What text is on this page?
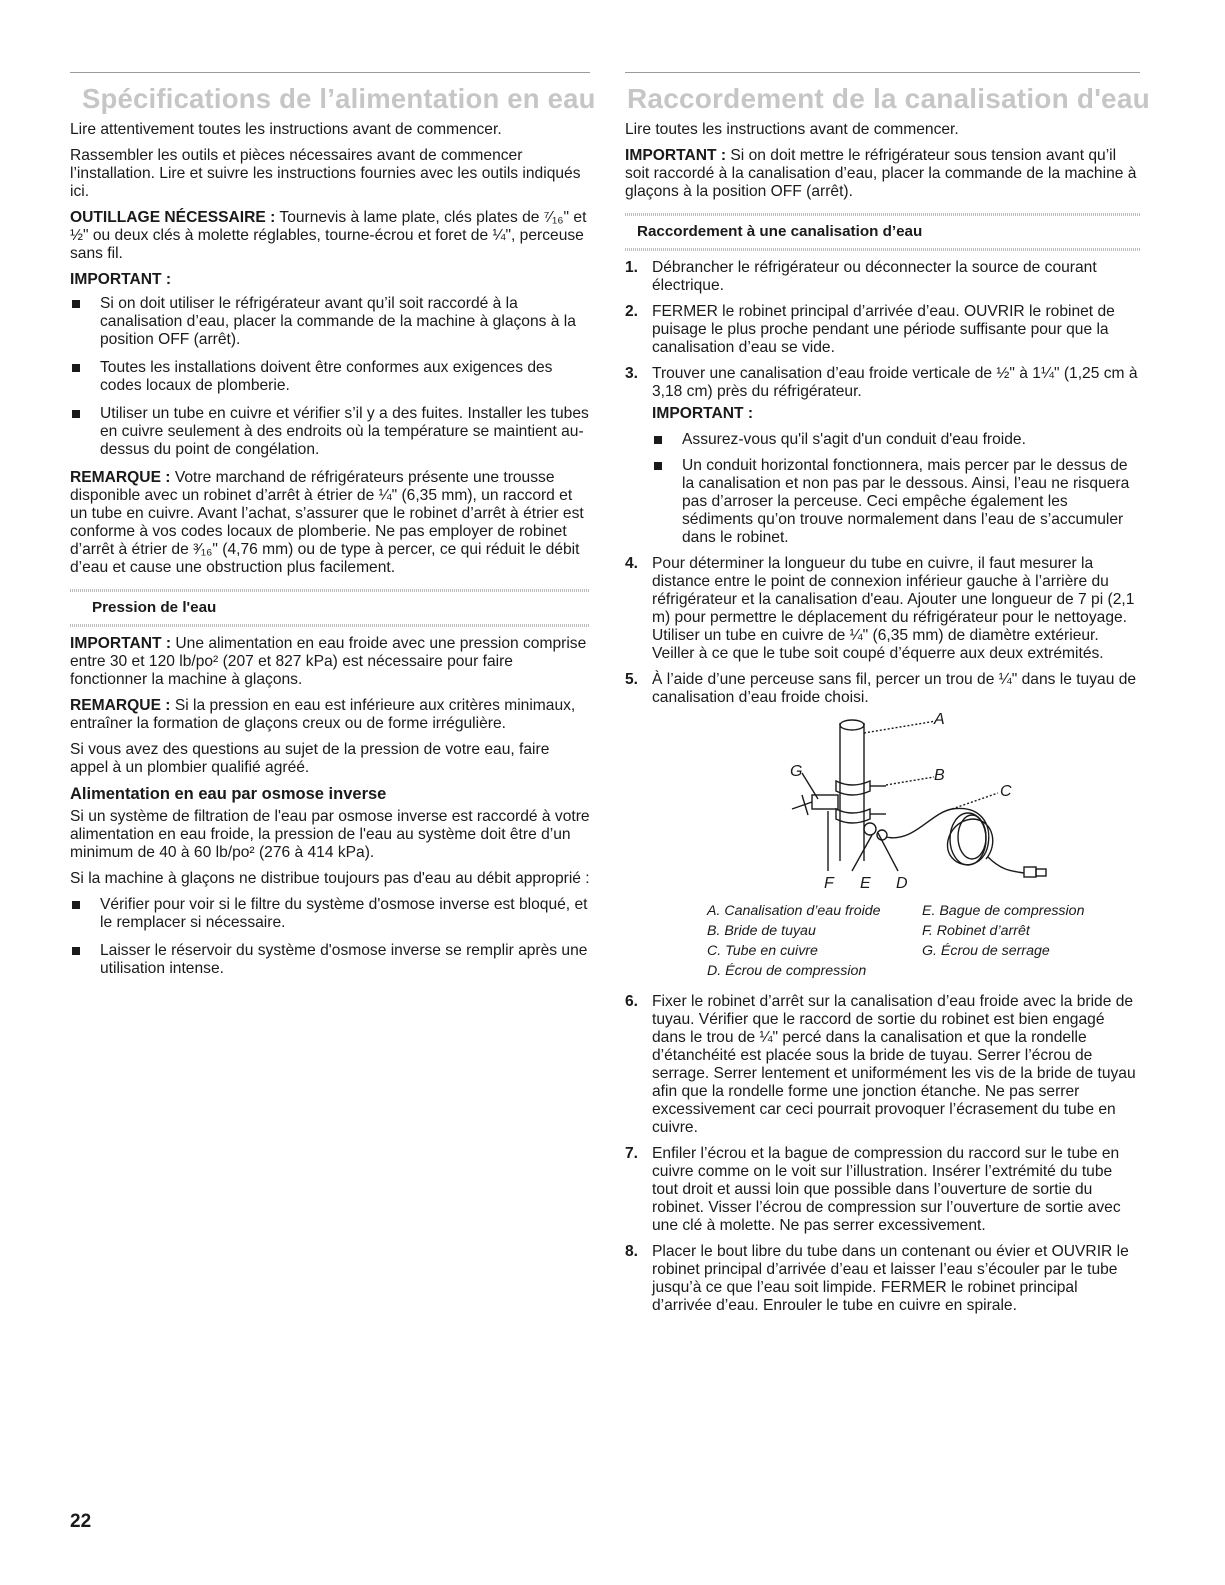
Spécifications de l’alimentation en eau

Lire attentivement toutes les instructions avant de commencer.

Rassembler les outils et pièces nécessaires avant de commencer l’installation. Lire et suivre les instructions fournies avec les outils indiqués ici.

OUTILLAGE NÉCESSAIRE : Tournevis à lame plate, clés plates de ⁷⁄₁₆" et ½" ou deux clés à molette réglables, tourne-écrou et foret de ¼", perceuse sans fil.

IMPORTANT :
Si on doit utiliser le réfrigérateur avant qu’il soit raccordé à la canalisation d’eau, placer la commande de la machine à glaçons à la position OFF (arrêt).
Toutes les installations doivent être conformes aux exigences des codes locaux de plomberie.
Utiliser un tube en cuivre et vérifier s’il y a des fuites. Installer les tubes en cuivre seulement à des endroits où la température se maintient au-dessus du point de congélation.

REMARQUE : Votre marchand de réfrigérateurs présente une trousse disponible avec un robinet d’arrêt à étrier de ¼" (6,35 mm), un raccord et un tube en cuivre. Avant l’achat, s’assurer que le robinet d’arrêt à étrier est conforme à vos codes locaux de plomberie. Ne pas employer de robinet d’arrêt à étrier de ³⁄₁₆" (4,76 mm) ou de type à percer, ce qui réduit le débit d’eau et cause une obstruction plus facilement.

Pression de l'eau

IMPORTANT : Une alimentation en eau froide avec une pression comprise entre 30 et 120 lb/po² (207 et 827 kPa) est nécessaire pour faire fonctionner la machine à glaçons.

REMARQUE : Si la pression en eau est inférieure aux critères minimaux, entraîner la formation de glaçons creux ou de forme irrégulière.

Si vous avez des questions au sujet de la pression de votre eau, faire appel à un plombier qualifié agréé.

Alimentation en eau par osmose inverse

Si un système de filtration de l'eau par osmose inverse est raccordé à votre alimentation en eau froide, la pression de l'eau au système doit être d’un minimum de 40 à 60 lb/po² (276 à 414 kPa).

Si la machine à glaçons ne distribue toujours pas d'eau au débit approprié :

Vérifier pour voir si le filtre du système d'osmose inverse est bloqué, et le remplacer si nécessaire.
Laisser le réservoir du système d'osmose inverse se remplir après une utilisation intense.
Raccordement de la canalisation d'eau

Lire toutes les instructions avant de commencer.

IMPORTANT : Si on doit mettre le réfrigérateur sous tension avant qu’il soit raccordé à la canalisation d’eau, placer la commande de la machine à glaçons à la position OFF (arrêt).

Raccordement à une canalisation d’eau
1. Débrancher le réfrigérateur ou déconnecter la source de courant électrique.
2. FERMER le robinet principal d’arrivée d’eau. OUVRIR le robinet de puisage le plus proche pendant une période suffisante pour que la canalisation d’eau se vide.
3. Trouver une canalisation d’eau froide verticale de ½" à 1¼" (1,25 cm à 3,18 cm) près du réfrigérateur.
IMPORTANT :
Assurez-vous qu'il s'agit d'un conduit d'eau froide.
Un conduit horizontal fonctionnera, mais percer par le dessus de la canalisation et non pas par le dessous. Ainsi, l’eau ne risquera pas d’arroser la perceuse. Ceci empêche également les sédiments qu’on trouve normalement dans l’eau de s’accumuler dans le robinet.
4. Pour déterminer la longueur du tube en cuivre, il faut mesurer la distance entre le point de connexion inférieur gauche à l’arrière du réfrigérateur et la canalisation d'eau. Ajouter une longueur de 7 pi (2,1 m) pour permettre le déplacement du réfrigérateur pour le nettoyage. Utiliser un tube en cuivre de ¼" (6,35 mm) de diamètre extérieur. Veiller à ce que le tube soit coupé d’équerre aux deux extrémités.
5. À l’aide d’une perceuse sans fil, percer un trou de ¼" dans le tuyau de canalisation d’eau froide choisi.
A
B
C
D
E
F
G
A. Canalisation d’eau froide	E. Bague de compression
B. Bride de tuyau	F. Robinet d’arrêt
C. Tube en cuivre	G. Écrou de serrage
D. Écrou de compression
6. Fixer le robinet d’arrêt sur la canalisation d’eau froide avec la bride de tuyau. Vérifier que le raccord de sortie du robinet est bien engagé dans le trou de ¼" percé dans la canalisation et que la rondelle d’étanchéité est placée sous la bride de tuyau. Serrer l’écrou de serrage. Serrer lentement et uniformément les vis de la bride de tuyau afin que la rondelle forme une jonction étanche. Ne pas serrer excessivement car ceci pourrait provoquer l’écrasement du tube en cuivre.
7. Enfiler l’écrou et la bague de compression du raccord sur le tube en cuivre comme on le voit sur l’illustration. Insérer l’extrémité du tube tout droit et aussi loin que possible dans l’ouverture de sortie du robinet. Visser l’écrou de compression sur l’ouverture de sortie avec une clé à molette. Ne pas serrer excessivement.
8. Placer le bout libre du tube dans un contenant ou évier et OUVRIR le robinet principal d’arrivée d’eau et laisser l’eau s’écouler par le tube jusqu’à ce que l’eau soit limpide. FERMER le robinet principal d’arrivée d’eau. Enrouler le tube en cuivre en spirale.
22
